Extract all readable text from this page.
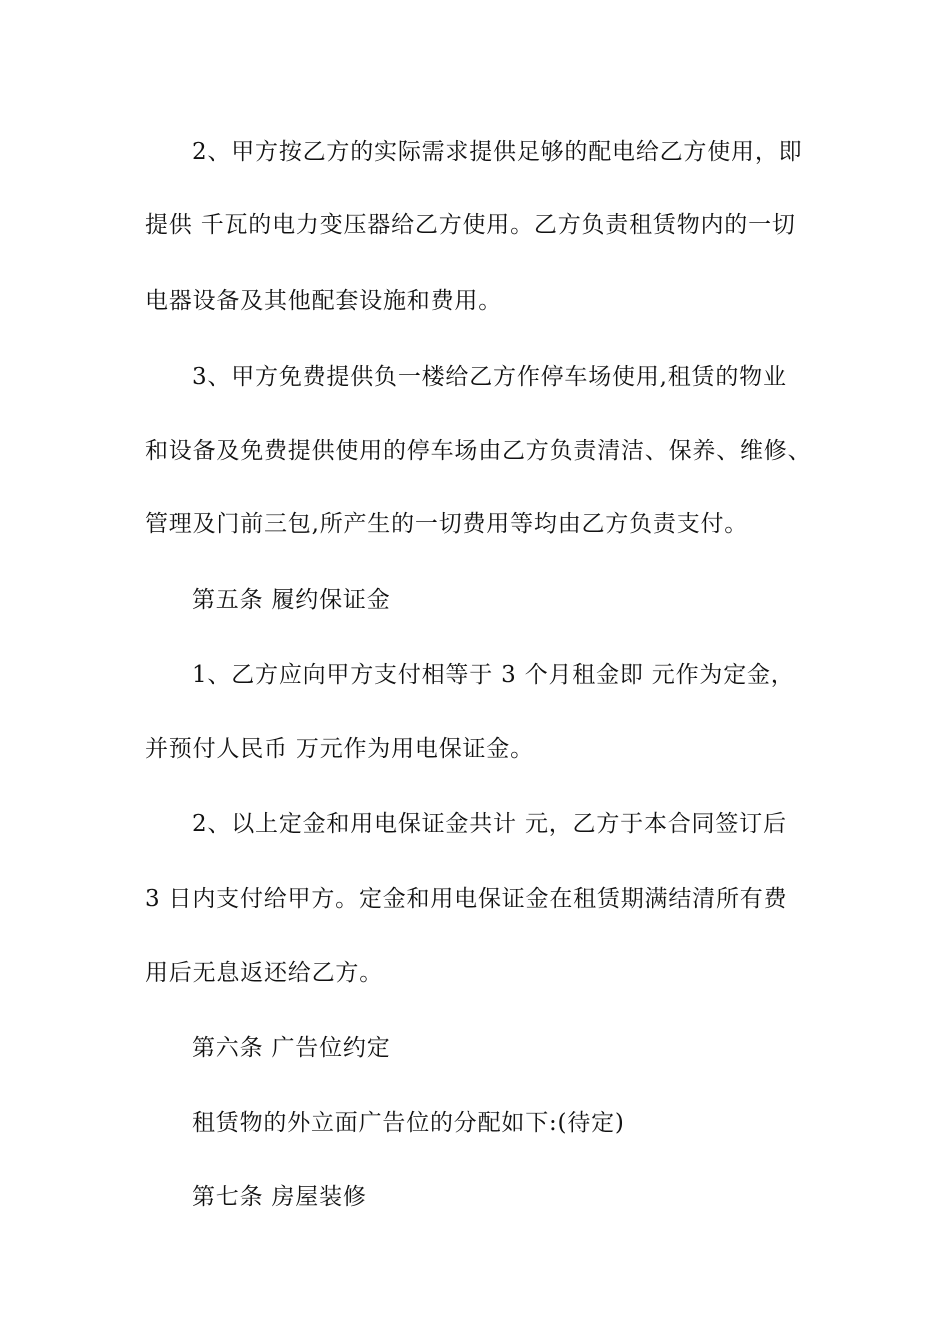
2、甲方按乙方的实际需求提供足够的配电给乙方使用，即
提供 千瓦的电力变压器给乙方使用。乙方负责租赁物内的一切
电器设备及其他配套设施和费用。
3、甲方免费提供负一楼给乙方作停车场使用,租赁的物业
和设备及免费提供使用的停车场由乙方负责清洁、保养、维修、
管理及门前三包,所产生的一切费用等均由乙方负责支付。
第五条 履约保证金
1、乙方应向甲方支付相等于 3 个月租金即 元作为定金，
并预付人民币 万元作为用电保证金。
2、以上定金和用电保证金共计 元，乙方于本合同签订后
3 日内支付给甲方。定金和用电保证金在租赁期满结清所有费
用后无息返还给乙方。
第六条 广告位约定
租赁物的外立面广告位的分配如下:(待定)
第七条 房屋装修
